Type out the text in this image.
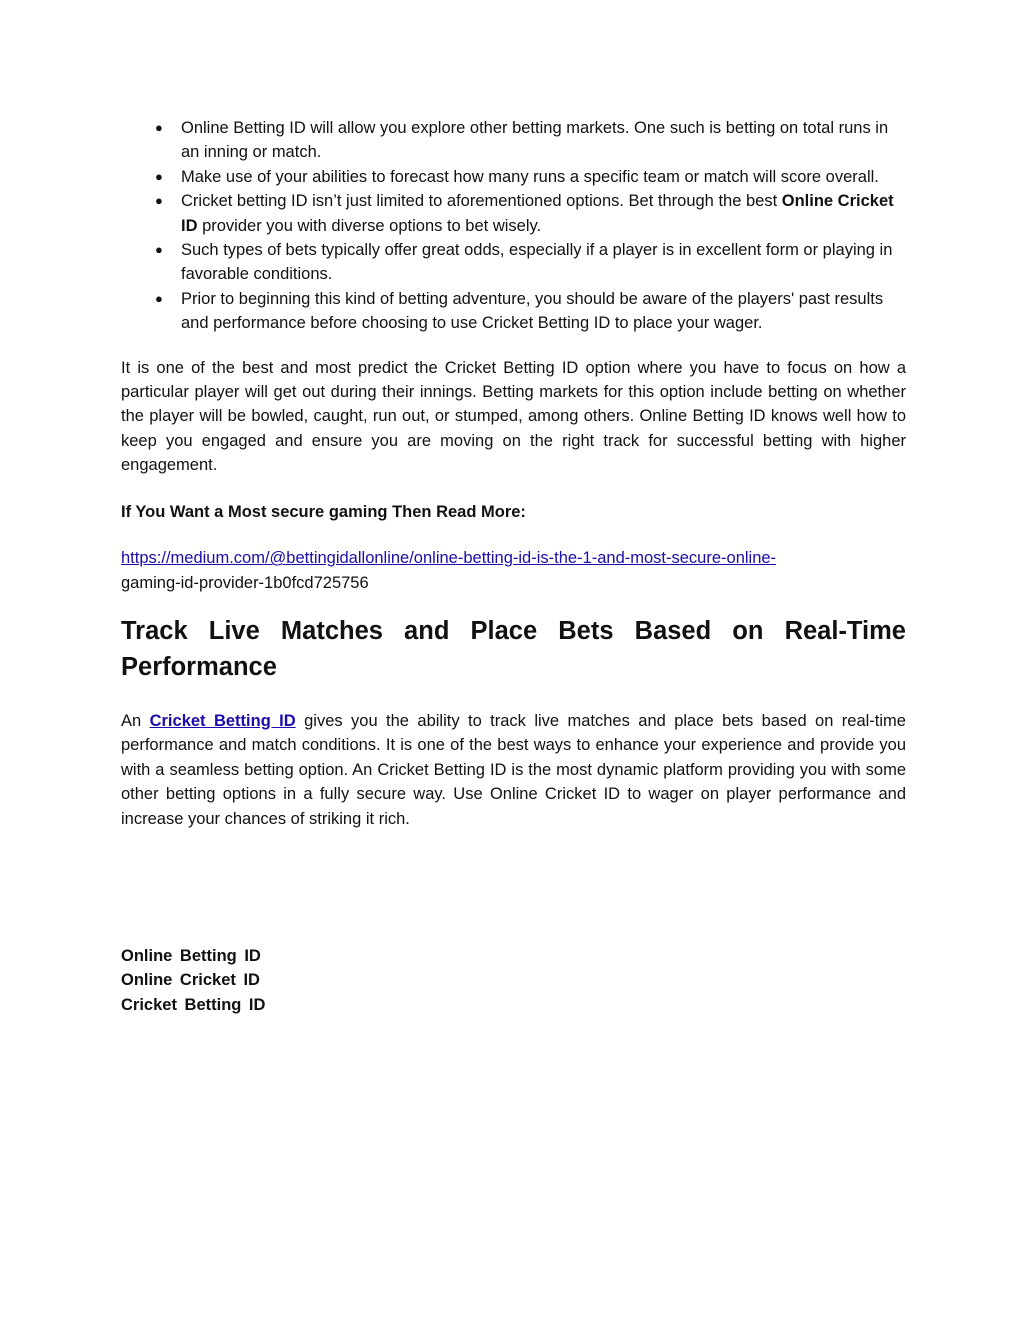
● Online Betting ID will allow you explore other betting markets. One such is betting on total runs in an inning or match.
● Make use of your abilities to forecast how many runs a specific team or match will score overall.
● Cricket betting ID isn’t just limited to aforementioned options. Bet through the best Online Cricket ID provider you with diverse options to bet wisely.
● Such types of bets typically offer great odds, especially if a player is in excellent form or playing in favorable conditions.
● Prior to beginning this kind of betting adventure, you should be aware of the players' past results and performance before choosing to use Cricket Betting ID to place your wager.

It is one of the best and most predict the Cricket Betting ID option where you have to focus on how a particular player will get out during their innings. Betting markets for this option include betting on whether the player will be bowled, caught, run out, or stumped, among others. Online Betting ID knows well how to keep you engaged and ensure you are moving on the right track for successful betting with higher engagement.

If You Want a Most secure gaming Then Read More:

https://medium.com/@bettingidallonline/online-betting-id-is-the-1-and-most-secure-online-
gaming-id-provider-1b0fcd725756

Track Live Matches and Place Bets Based on Real-Time Performance

An Cricket Betting ID gives you the ability to track live matches and place bets based on real-time performance and match conditions. It is one of the best ways to enhance your experience and provide you with a seamless betting option. An Cricket Betting ID is the most dynamic platform providing you with some other betting options in a fully secure way. Use Online Cricket ID to wager on player performance and increase your chances of striking it rich.

Online Betting ID
Online Cricket ID
Cricket Betting ID
